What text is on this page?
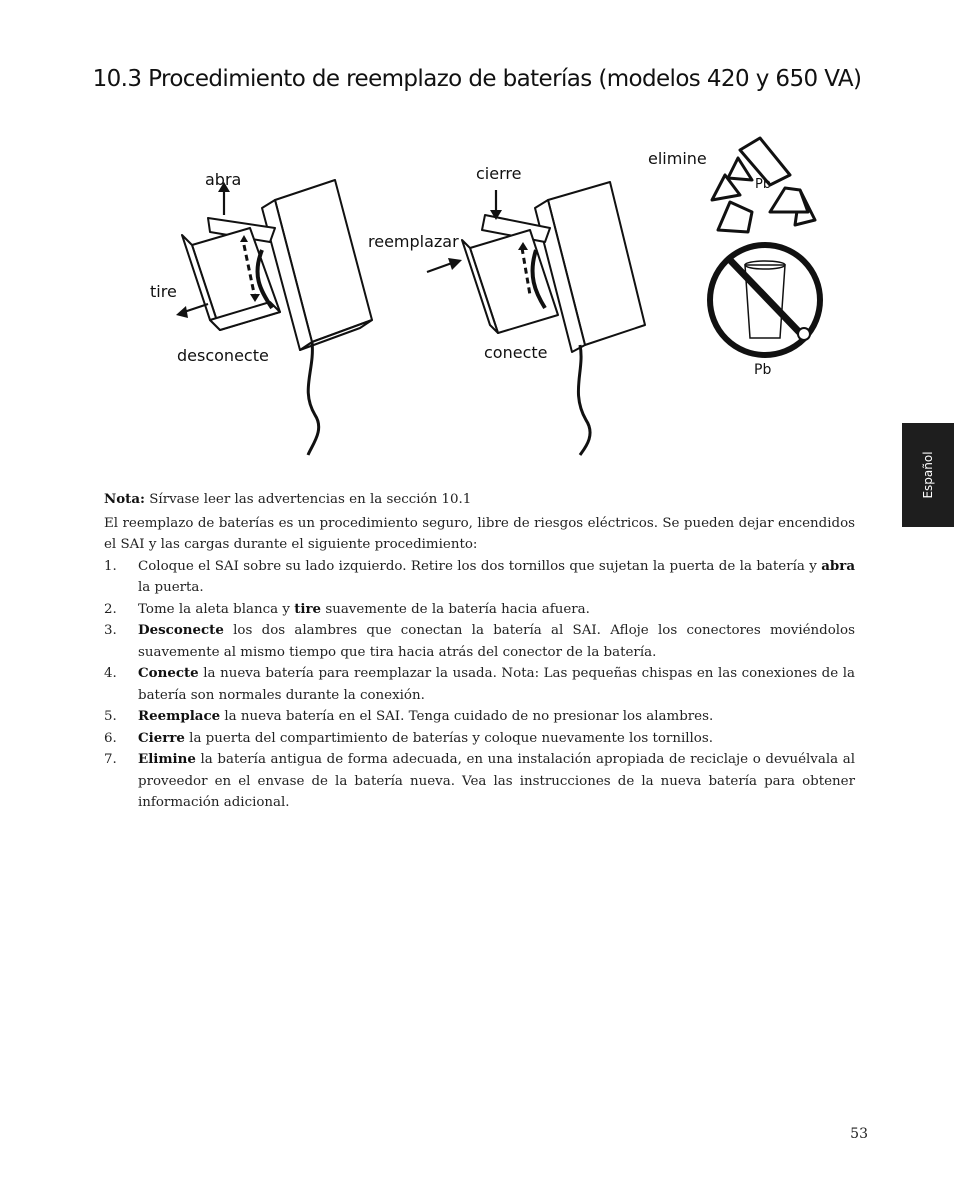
10.3 Procedimiento de reemplazo de baterías (modelos 420 y 650 VA)
abra
tire
desconecte
cierre
reemplazar
conecte
elimine
Pb
Pb
Español

Nota: Sírvase leer las advertencias en la sección 10.1

El reemplazo de baterías es un procedimiento seguro, libre de riesgos eléctricos. Se pueden dejar encendidos el SAI y las cargas durante el siguiente procedimiento:

1. Coloque el SAI sobre su lado izquierdo. Retire los dos tornillos que sujetan la puerta de la batería y abra la puerta.
2. Tome la aleta blanca y tire suavemente de la batería hacia afuera.
3. Desconecte los dos alambres que conectan la batería al SAI. Afloje los conectores moviéndolos suavemente al mismo tiempo que tira hacia atrás del conector de la batería.
4. Conecte la nueva batería para reemplazar la usada. Nota: Las pequeñas chispas en las conexiones de la batería son normales durante la conexión.
5. Reemplace la nueva batería en el SAI. Tenga cuidado de no presionar los alambres.
6. Cierre la puerta del compartimiento de baterías y coloque nuevamente los tornillos.
7. Elimine la batería antigua de forma adecuada, en una instalación apropiada de reciclaje o devuélvala al proveedor en el envase de la batería nueva. Vea las instrucciones de la nueva batería para obtener información adicional.
53
